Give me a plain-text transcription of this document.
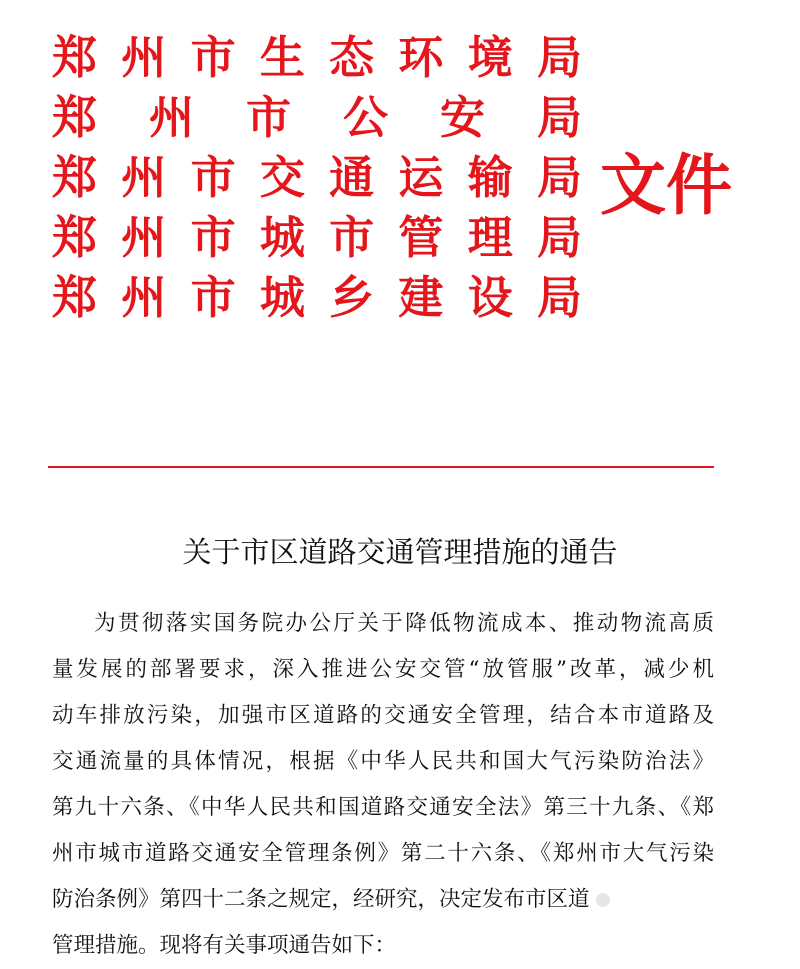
郑州市生态环境局
郑州市公安局
郑州市交通运输局
郑州市城市管理局
郑州市城乡建设局
文件
关于市区道路交通管理措施的通告
为贯彻落实国务院办公厅关于降低物流成本、推动物流高质
量发展的部署要求，深入推进公安交管“放管服”改革，减少机
动车排放污染，加强市区道路的交通安全管理，结合本市道路及
交通流量的具体情况，根据《中华人民共和国大气污染防治法》
第九十六条、《中华人民共和国道路交通安全法》第三十九条、《郑
州市城市道路交通安全管理条例》第二十六条、《郑州市大气污染
防治条例》第四十二条之规定，经研究，决定发布市区道
管理措施。现将有关事项通告如下：
